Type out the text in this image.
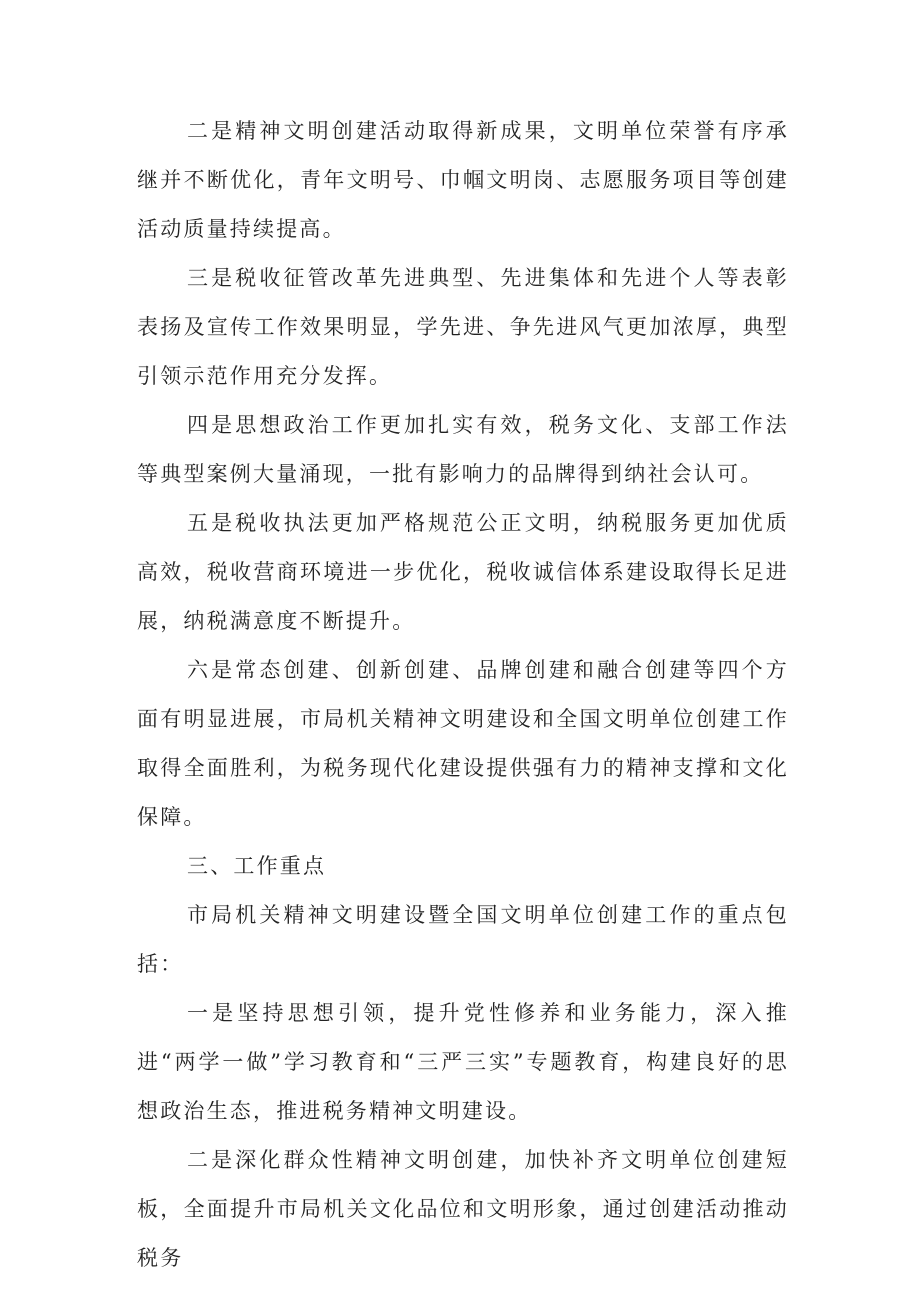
二是精神文明创建活动取得新成果，文明单位荣誉有序承继并不断优化，青年文明号、巾帼文明岗、志愿服务项目等创建活动质量持续提高。

三是税收征管改革先进典型、先进集体和先进个人等表彰表扬及宣传工作效果明显，学先进、争先进风气更加浓厚，典型引领示范作用充分发挥。

四是思想政治工作更加扎实有效，税务文化、支部工作法等典型案例大量涌现，一批有影响力的品牌得到纳社会认可。

五是税收执法更加严格规范公正文明，纳税服务更加优质高效，税收营商环境进一步优化，税收诚信体系建设取得长足进展，纳税满意度不断提升。

六是常态创建、创新创建、品牌创建和融合创建等四个方面有明显进展，市局机关精神文明建设和全国文明单位创建工作取得全面胜利，为税务现代化建设提供强有力的精神支撑和文化保障。

三、工作重点

市局机关精神文明建设暨全国文明单位创建工作的重点包括：

一是坚持思想引领，提升党性修养和业务能力，深入推进“两学一做”学习教育和“三严三实”专题教育，构建良好的思想政治生态，推进税务精神文明建设。

二是深化群众性精神文明创建，加快补齐文明单位创建短板，全面提升市局机关文化品位和文明形象，通过创建活动推动税务
